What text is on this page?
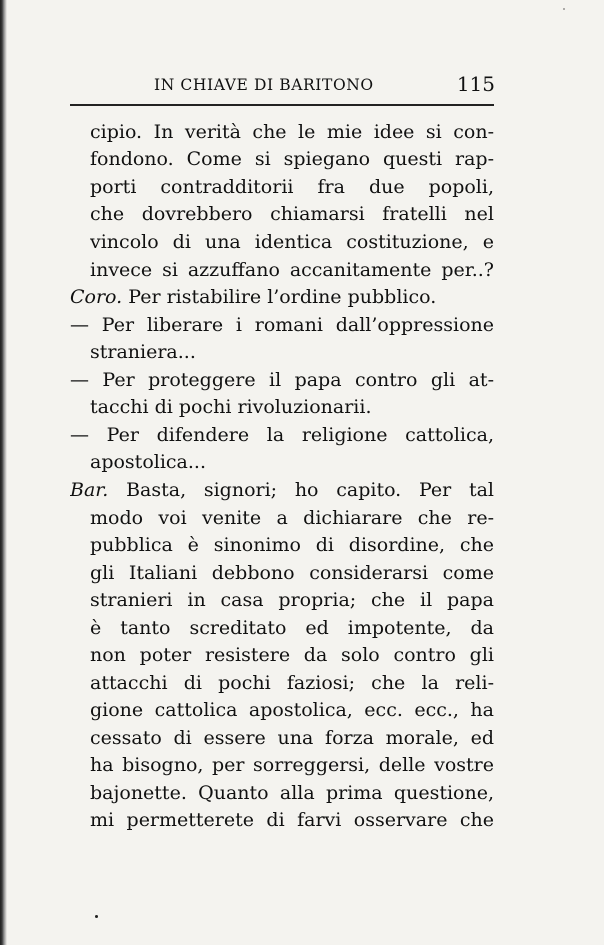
IN CHIAVE DI BARITONO	115
cipio. In verità che le mie idee si con-
fondono. Come si spiegano questi rap-
porti contradditorii fra due popoli,
che dovrebbero chiamarsi fratelli nel
vincolo di una identica costituzione, e
invece si azzuffano accanitamente per..?
Coro. Per ristabilire l’ordine pubblico.
— Per liberare i romani dall’oppressione
straniera...
— Per proteggere il papa contro gli at-
tacchi di pochi rivoluzionarii.
— Per difendere la religione cattolica,
apostolica...
Bar. Basta, signori; ho capito. Per tal
modo voi venite a dichiarare che re-
pubblica è sinonimo di disordine, che
gli Italiani debbono considerarsi come
stranieri in casa propria; che il papa
è tanto screditato ed impotente, da
non poter resistere da solo contro gli
attacchi di pochi faziosi; che la reli-
gione cattolica apostolica, ecc. ecc., ha
cessato di essere una forza morale, ed
ha bisogno, per sorreggersi, delle vostre
bajonette. Quanto alla prima questione,
mi permetterete di farvi osservare che
